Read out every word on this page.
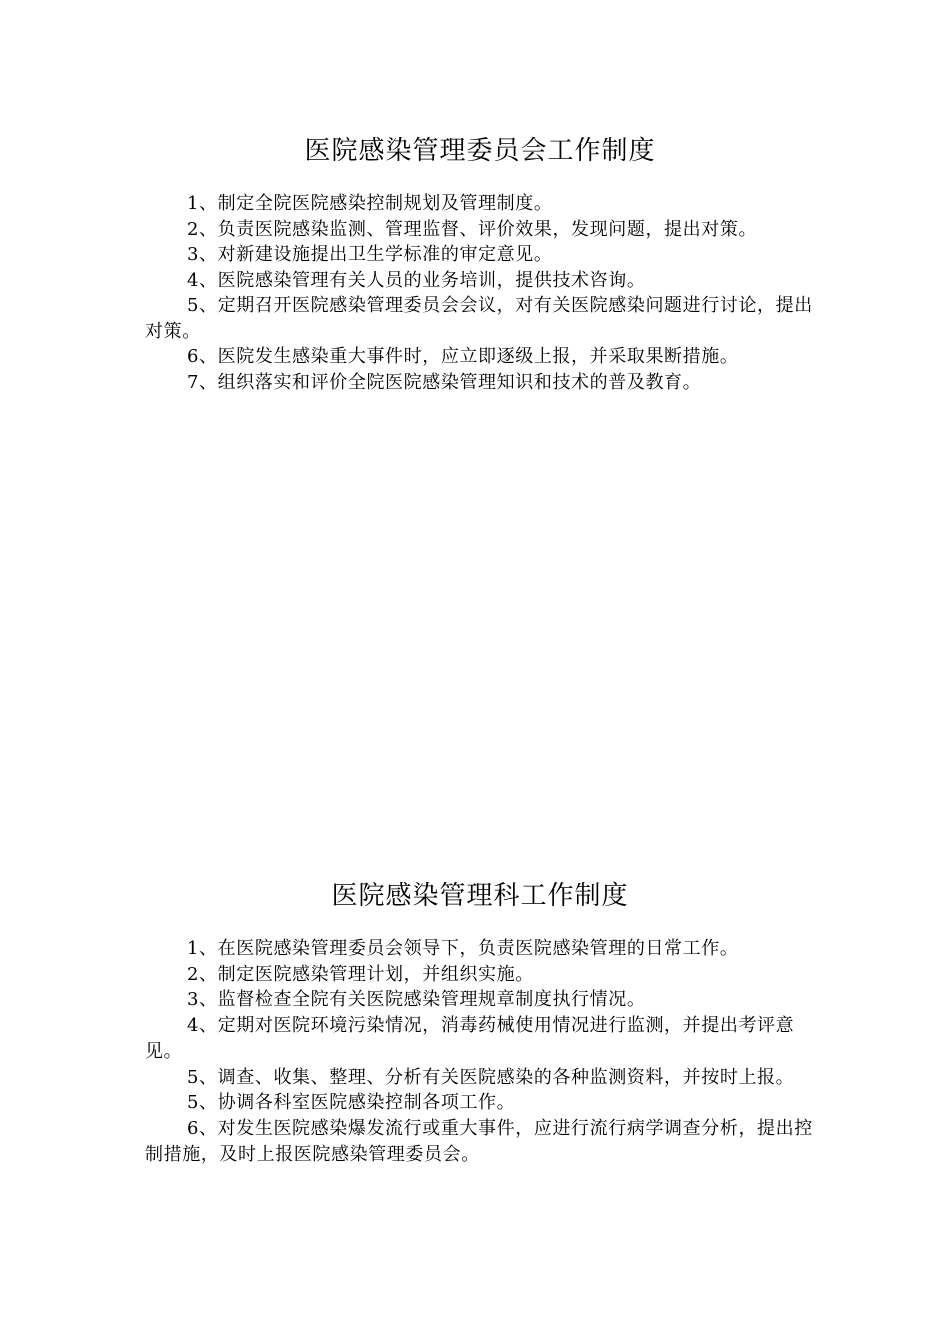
医院感染管理委员会工作制度

1、制定全院医院感染控制规划及管理制度。

2、负责医院感染监测、管理监督、评价效果，发现问题，提出对策。

3、对新建设施提出卫生学标准的审定意见。

4、医院感染管理有关人员的业务培训，提供技术咨询。

5、定期召开医院感染管理委员会会议，对有关医院感染问题进行讨论，提出对策。

6、医院发生感染重大事件时，应立即逐级上报，并采取果断措施。

7、组织落实和评价全院医院感染管理知识和技术的普及教育。

医院感染管理科工作制度

1、在医院感染管理委员会领导下，负责医院感染管理的日常工作。

2、制定医院感染管理计划，并组织实施。

3、监督检查全院有关医院感染管理规章制度执行情况。

4、定期对医院环境污染情况，消毒药械使用情况进行监测，并提出考评意见。

5、调查、收集、整理、分析有关医院感染的各种监测资料，并按时上报。

5、协调各科室医院感染控制各项工作。

6、对发生医院感染爆发流行或重大事件，应进行流行病学调查分析，提出控制措施，及时上报医院感染管理委员会。
